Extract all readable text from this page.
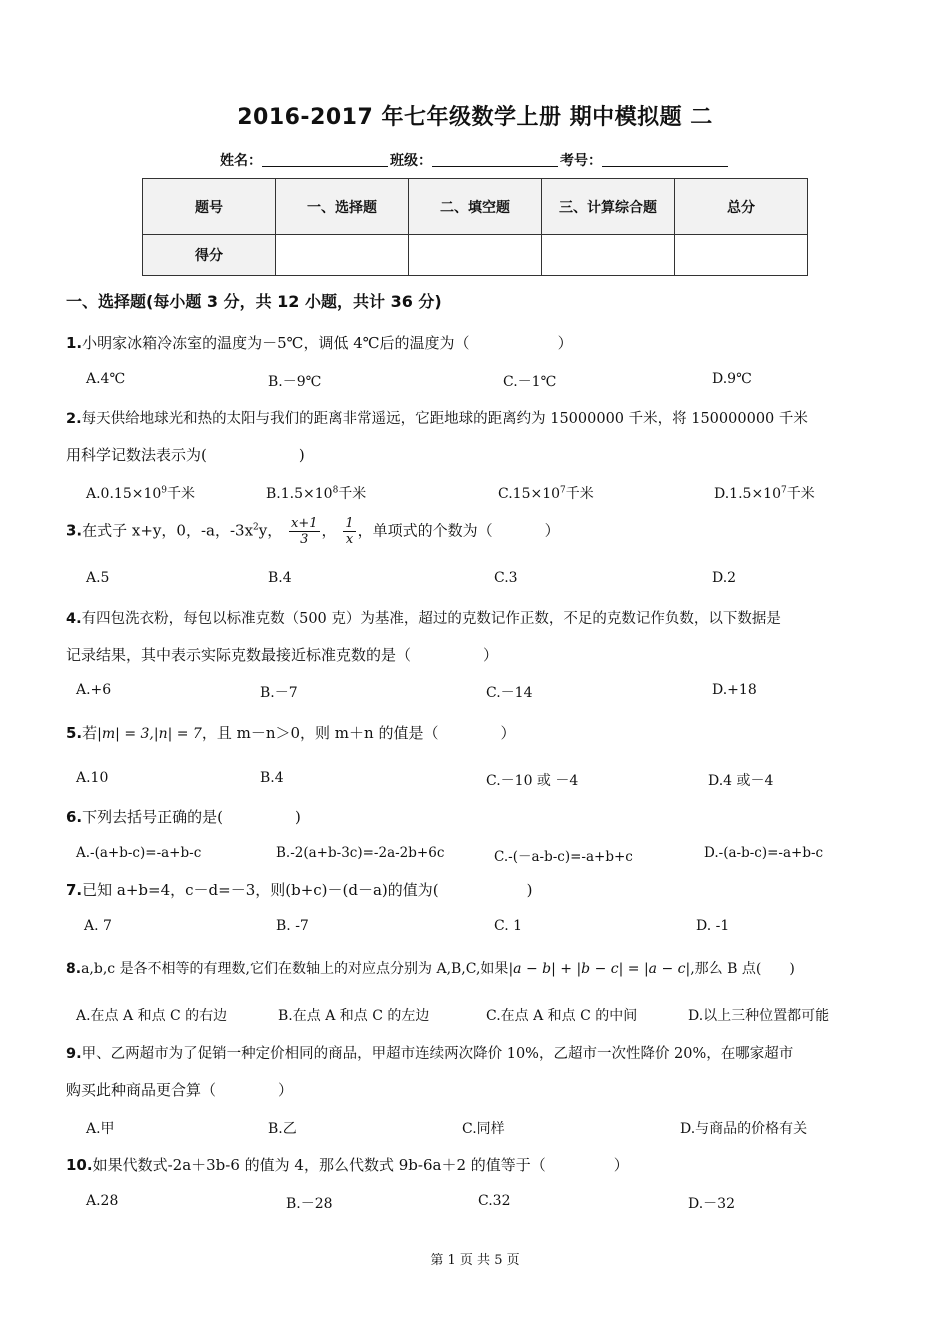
2016-2017 年七年级数学上册 期中模拟题 二
姓名：	班级：	考号：
题号	一、选择题	二、填空题	三、计算综合题	总分
得分				
一、选择题(每小题 3 分，共 12 小题，共计 36 分)
1.小明家冰箱冷冻室的温度为－5℃，调低 4℃后的温度为（	）
A.4℃	B.－9℃	C.－1℃	D.9℃
2.每天供给地球光和热的太阳与我们的距离非常遥远，它距地球的距离约为 15000000 千米，将 150000000 千米
用科学记数法表示为(	)
$A.0.15\times 10^9$千米	$B.1.5\times 10^8$千米	$C.15\times 10^7$千米	$D.1.5\times 10^7$千米
3.在式子 x+y，0，-a，$-3x^2y$， $\frac{x+1}{3}$ ， $\frac{1}{x}$ ，单项式的个数为（	）
A.5	B.4	C.3	D.2
4.有四包洗衣粉，每包以标准克数（500 克）为基准，超过的克数记作正数，不足的克数记作负数，以下数据是
记录结果，其中表示实际克数最接近标准克数的是（	）
A.+6	B.－7	C.－14	D.+18
5.若|m| = 3,|n| = 7，且 m－n＞0，则 m＋n 的值是（	）
A.10	B.4	C.－10 或 －4	D.4 或－4
6.下列去括号正确的是(	)
A.-(a+b-c)=-a+b-c	B.-2(a+b-3c)=-2a-2b+6c	C.-(－a-b-c)=-a+b+c	D.-(a-b-c)=-a+b-c
7.已知 a+b=4，c－d=－3，则(b+c)－(d－a)的值为(	)
A. 7	B. -7	C. 1	D. -1
8.a,b,c 是各不相等的有理数,它们在数轴上的对应点分别为 A,B,C,如果|a − b| + |b − c| = |a − c|,那么 B 点( )
A.在点 A 和点 C 的右边	B.在点 A 和点 C 的左边	C.在点 A 和点 C 的中间	D.以上三种位置都可能
9.甲、乙两超市为了促销一种定价相同的商品，甲超市连续两次降价 10%，乙超市一次性降价 20%，在哪家超市
购买此种商品更合算（	）
A.甲	B.乙	C.同样	D.与商品的价格有关
10.如果代数式-2a＋3b-6 的值为 4，那么代数式 9b-6a＋2 的值等于（	）
A.28	B.－28	C.32	D.－32
第 1 页 共 5 页
